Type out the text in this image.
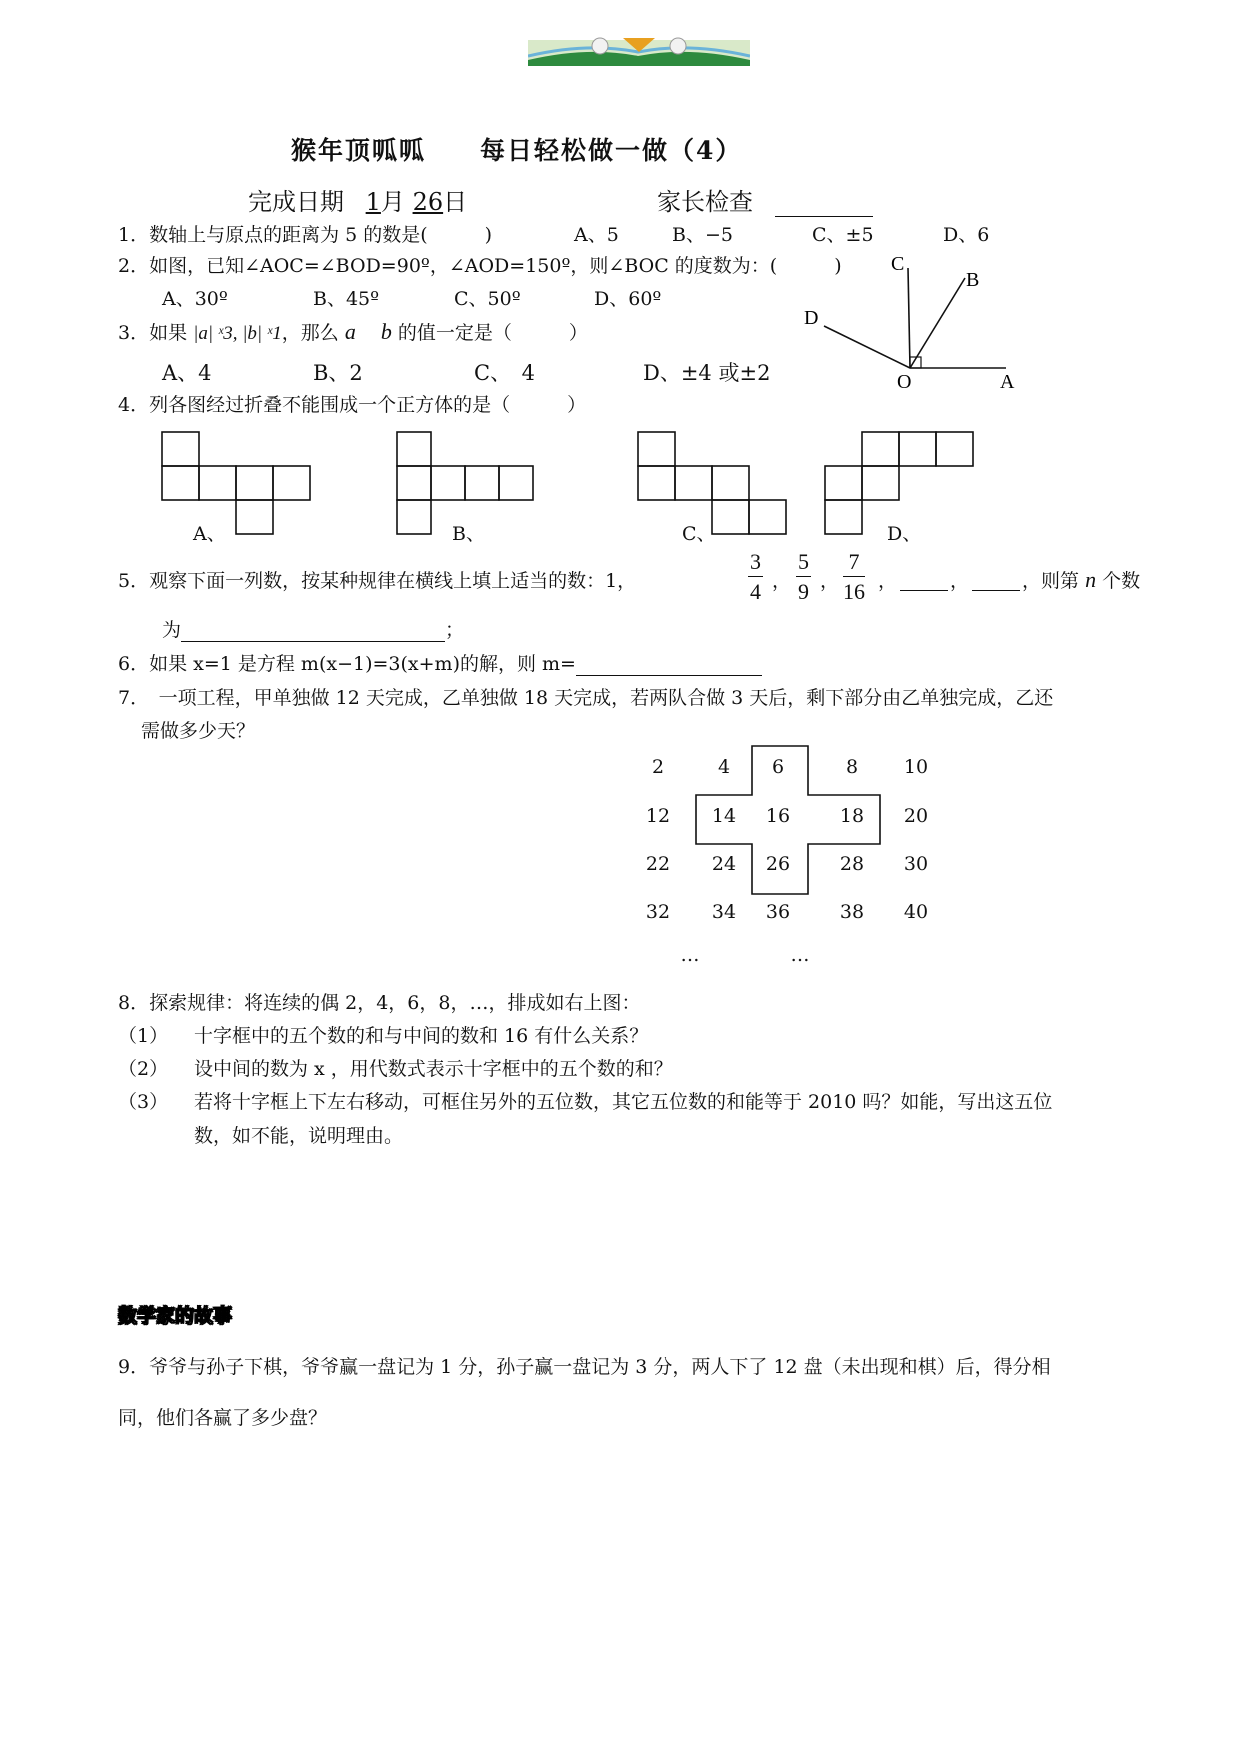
猴年顶呱呱 每日轻松做一做（4）
完成日期 1月 26日	家长检查
1．数轴上与原点的距离为 5 的数是(　　　)	A、5	B、−5	C、±5	D、6
2．如图，已知∠AOC=∠BOD=90º，∠AOD=150º，则∠BOC 的度数为：(　　　)
A、30º	B、45º	C、50º	D、60º
C
B
D
O	A
3．如果 |a| ˣ3, |b| ˣ1，那么 a　 b 的值一定是（　　　）
A、4	B、2	C、　4	D、±4 或±2
4．列各图经过折叠不能围成一个正方体的是（　　　）
A、	B、	C、	D、
5．观察下面一列数，按某种规律在横线上填上适当的数：1，	$\frac{3}{4}$ ， $\frac{5}{9}$ ， $\frac{7}{16}$ ，	，	，则第 n 个数
为	；
6．如果 x=1 是方程 m(x−1)=3(x+m)的解，则 m=
7．　一项工程，甲单独做 12 天完成，乙单独做 18 天完成，若两队合做 3 天后，剩下部分由乙单独完成，乙还
需做多少天？
2	4	6	8	10
12	14	16	18	20
22	24	26	28	30
32	34	36	38	40
…	…
8．探索规律：将连续的偶 2，4，6，8，…，排成如右上图：
（1） 十字框中的五个数的和与中间的数和 16 有什么关系？
（2） 设中间的数为 x ，用代数式表示十字框中的五个数的和？
（3） 若将十字框上下左右移动，可框住另外的五位数，其它五位数的和能等于 2010 吗？如能，写出这五位
数，如不能，说明理由。
数学家的故事
9．爷爷与孙子下棋，爷爷赢一盘记为 1 分，孙子赢一盘记为 3 分，两人下了 12 盘（未出现和棋）后，得分相
同，他们各赢了多少盘？
